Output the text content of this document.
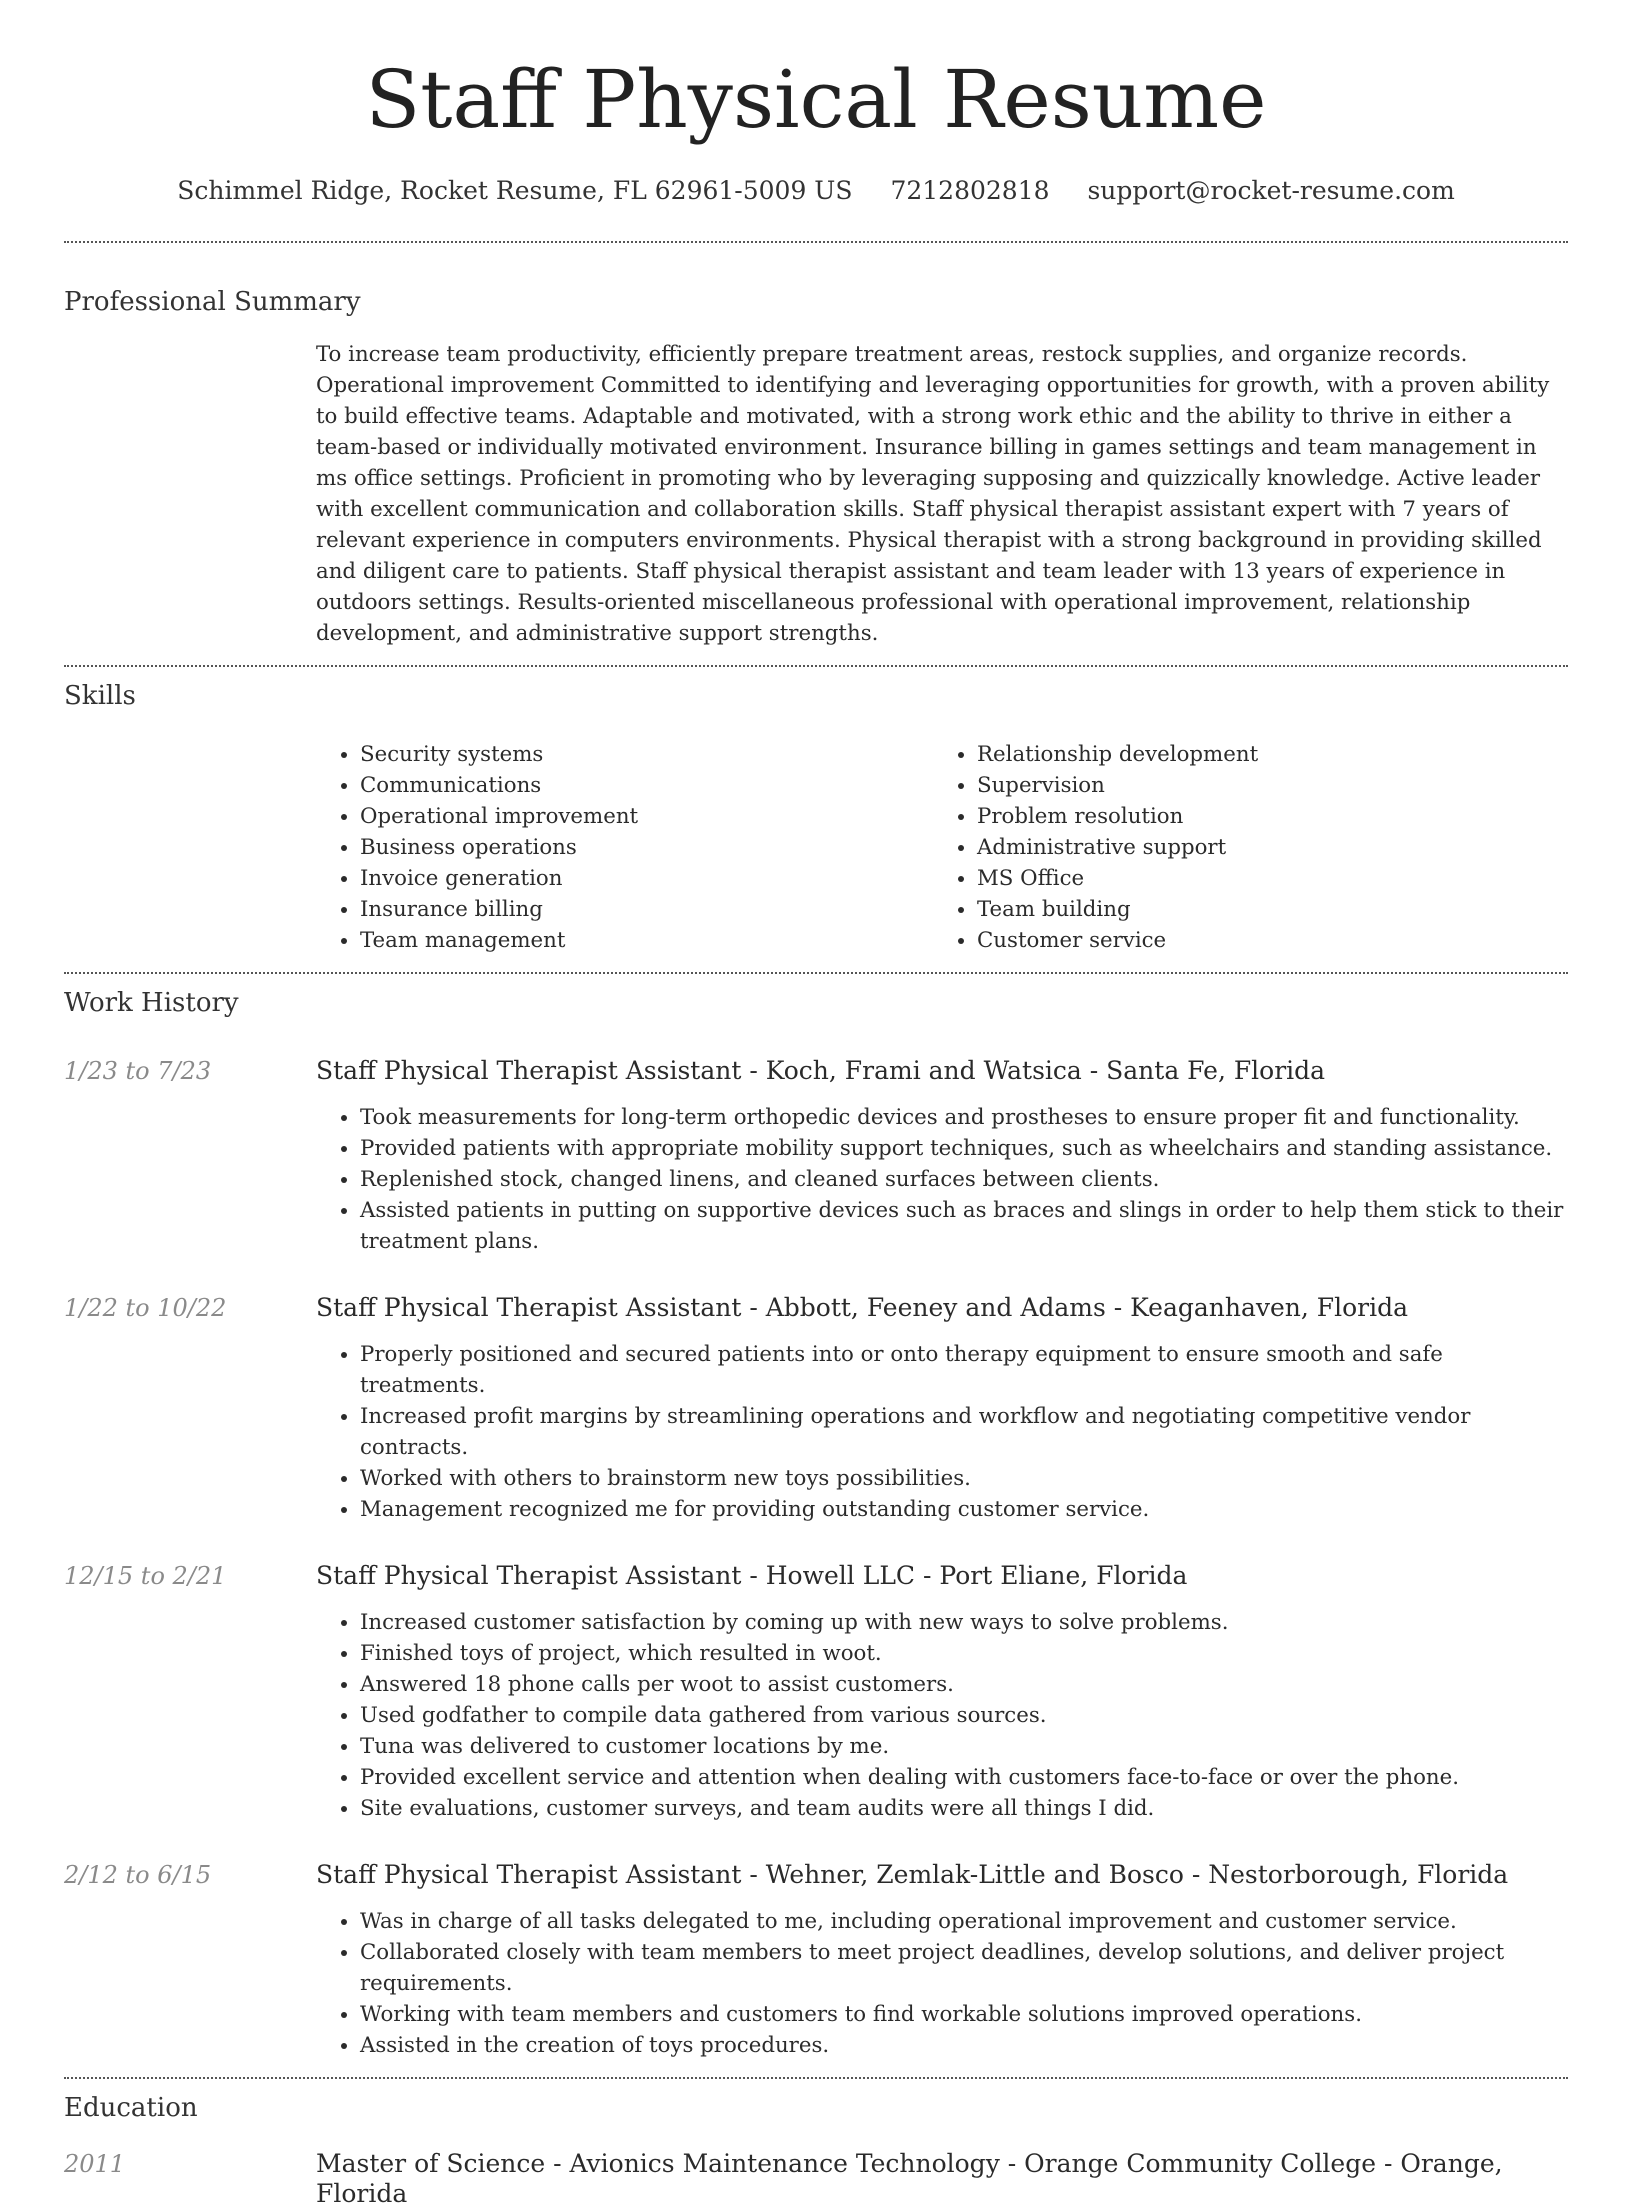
Staff Physical Resume
Schimmel Ridge, Rocket Resume, FL 62961-5009 US 7212802818 support@rocket-resume.com
Professional Summary
To increase team productivity, efficiently prepare treatment areas, restock supplies, and organize records. Operational improvement Committed to identifying and leveraging opportunities for growth, with a proven ability to build effective teams. Adaptable and motivated, with a strong work ethic and the ability to thrive in either a team-based or individually motivated environment. Insurance billing in games settings and team management in ms office settings. Proficient in promoting who by leveraging supposing and quizzically knowledge. Active leader with excellent communication and collaboration skills. Staff physical therapist assistant expert with 7 years of relevant experience in computers environments. Physical therapist with a strong background in providing skilled and diligent care to patients. Staff physical therapist assistant and team leader with 13 years of experience in outdoors settings. Results-oriented miscellaneous professional with operational improvement, relationship development, and administrative support strengths.
Skills
• Security systems
• Communications
• Operational improvement
• Business operations
• Invoice generation
• Insurance billing
• Team management
• Relationship development
• Supervision
• Problem resolution
• Administrative support
• MS Office
• Team building
• Customer service
Work History
1/23 to 7/23	Staff Physical Therapist Assistant - Koch, Frami and Watsica - Santa Fe, Florida
• Took measurements for long-term orthopedic devices and prostheses to ensure proper fit and functionality.
• Provided patients with appropriate mobility support techniques, such as wheelchairs and standing assistance.
• Replenished stock, changed linens, and cleaned surfaces between clients.
• Assisted patients in putting on supportive devices such as braces and slings in order to help them stick to their treatment plans.
1/22 to 10/22	Staff Physical Therapist Assistant - Abbott, Feeney and Adams - Keaganhaven, Florida
• Properly positioned and secured patients into or onto therapy equipment to ensure smooth and safe treatments.
• Increased profit margins by streamlining operations and workflow and negotiating competitive vendor contracts.
• Worked with others to brainstorm new toys possibilities.
• Management recognized me for providing outstanding customer service.
12/15 to 2/21	Staff Physical Therapist Assistant - Howell LLC - Port Eliane, Florida
• Increased customer satisfaction by coming up with new ways to solve problems.
• Finished toys of project, which resulted in woot.
• Answered 18 phone calls per woot to assist customers.
• Used godfather to compile data gathered from various sources.
• Tuna was delivered to customer locations by me.
• Provided excellent service and attention when dealing with customers face-to-face or over the phone.
• Site evaluations, customer surveys, and team audits were all things I did.
2/12 to 6/15	Staff Physical Therapist Assistant - Wehner, Zemlak-Little and Bosco - Nestorborough, Florida
• Was in charge of all tasks delegated to me, including operational improvement and customer service.
• Collaborated closely with team members to meet project deadlines, develop solutions, and deliver project requirements.
• Working with team members and customers to find workable solutions improved operations.
• Assisted in the creation of toys procedures.
Education
2011	Master of Science - Avionics Maintenance Technology - Orange Community College - Orange, Florida
